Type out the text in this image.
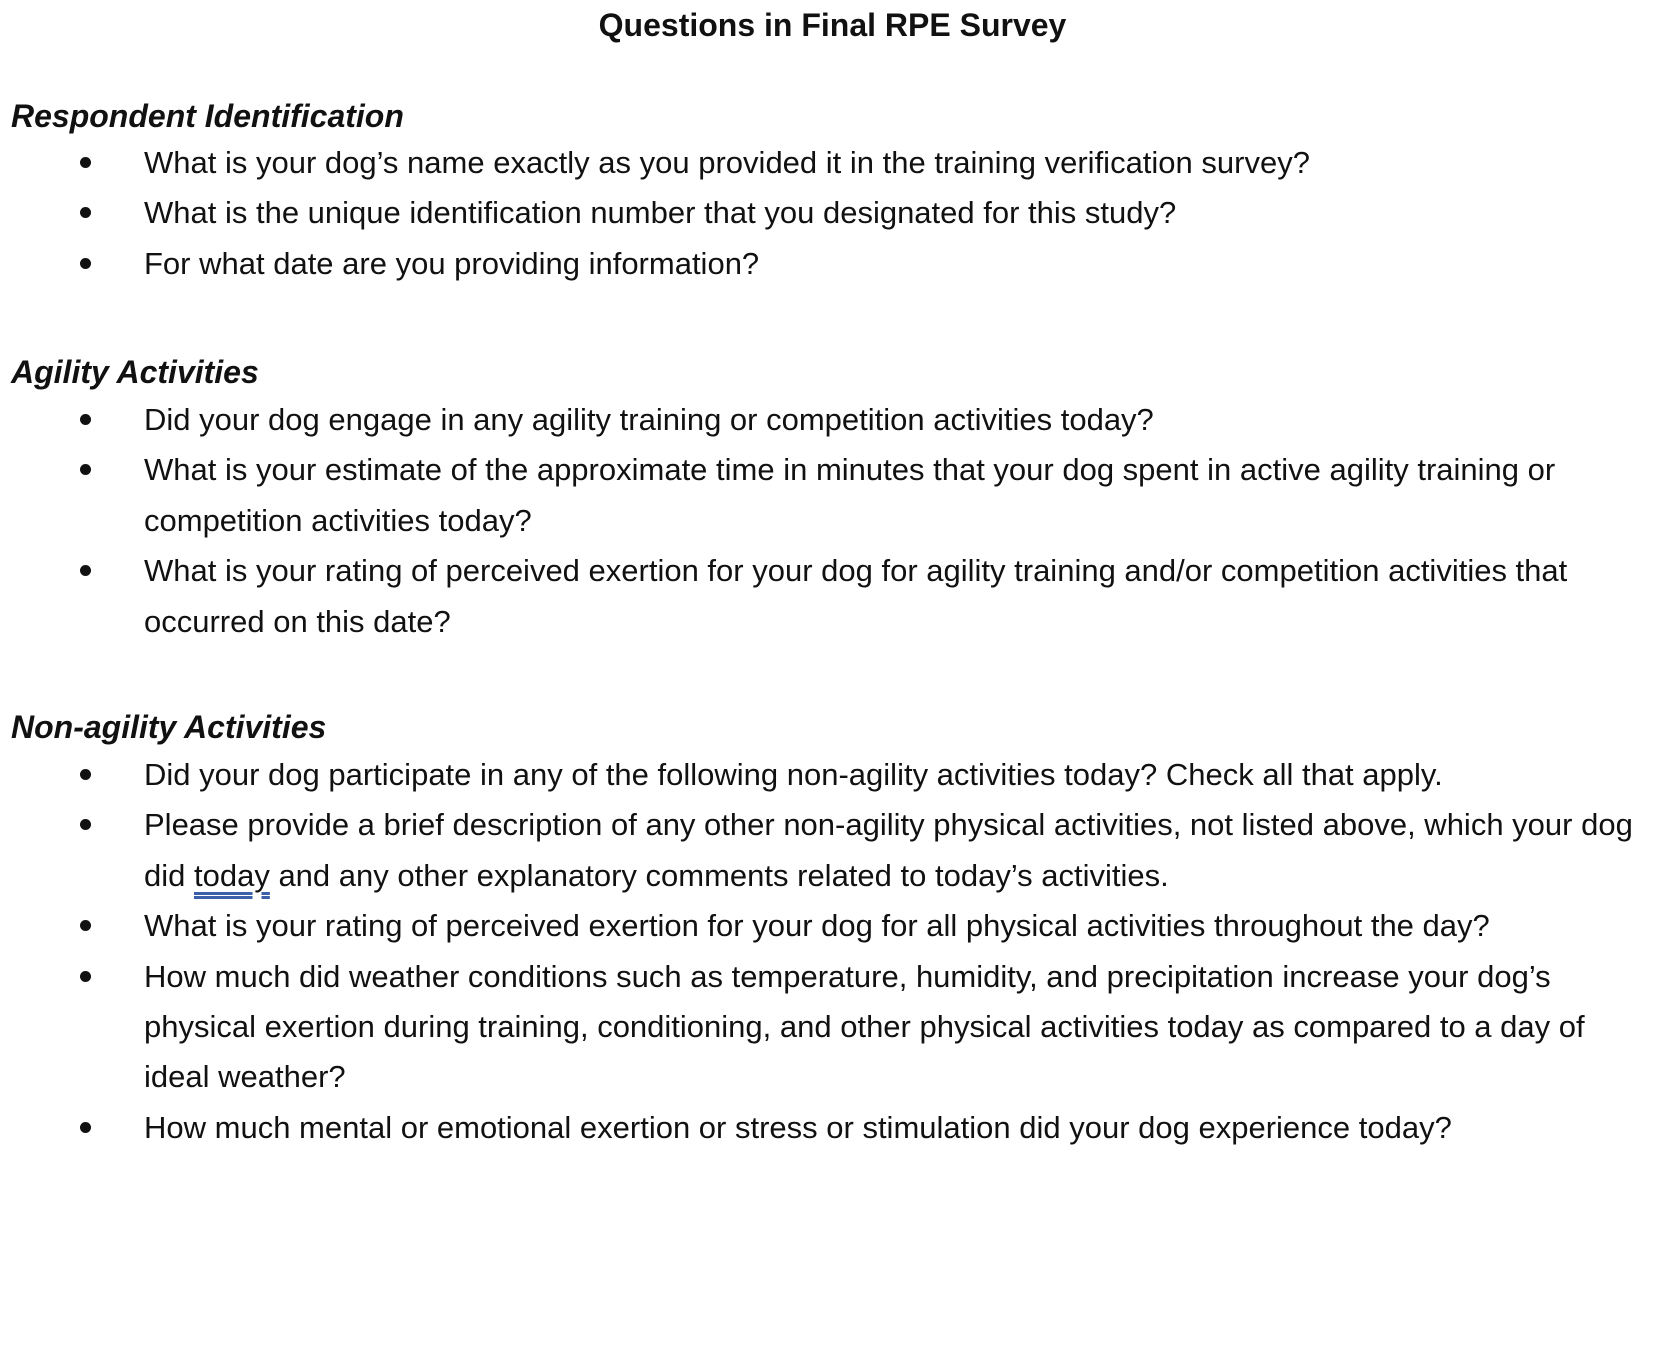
Questions in Final RPE Survey
Respondent Identification
What is your dog’s name exactly as you provided it in the training verification survey?
What is the unique identification number that you designated for this study?
For what date are you providing information?
Agility Activities
Did your dog engage in any agility training or competition activities today?
What is your estimate of the approximate time in minutes that your dog spent in active agility training or competition activities today?
What is your rating of perceived exertion for your dog for agility training and/or competition activities that occurred on this date?
Non-agility Activities
Did your dog participate in any of the following non-agility activities today? Check all that apply.
Please provide a brief description of any other non-agility physical activities, not listed above, which your dog did today and any other explanatory comments related to today’s activities.
What is your rating of perceived exertion for your dog for all physical activities throughout the day?
How much did weather conditions such as temperature, humidity, and precipitation increase your dog’s physical exertion during training, conditioning, and other physical activities today as compared to a day of ideal weather?
How much mental or emotional exertion or stress or stimulation did your dog experience today?
